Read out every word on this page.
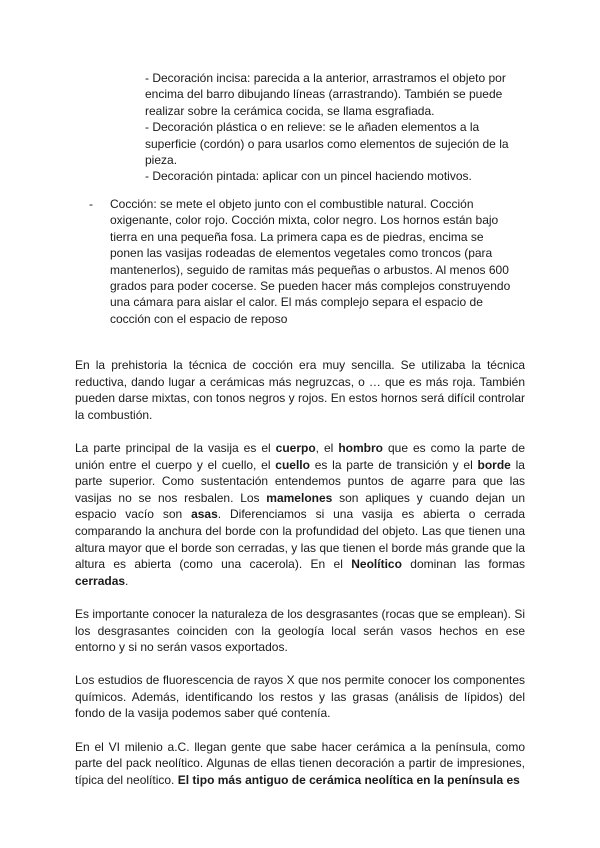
- Decoración incisa: parecida a la anterior, arrastramos el objeto por encima del barro dibujando líneas (arrastrando). También se puede realizar sobre la cerámica cocida, se llama esgrafiada.

- Decoración plástica o en relieve: se le añaden elementos a la superficie (cordón) o para usarlos como elementos de sujeción de la pieza.

- Decoración pintada: aplicar con un pincel haciendo motivos.

- Cocción: se mete el objeto junto con el combustible natural. Cocción oxigenante, color rojo. Cocción mixta, color negro. Los hornos están bajo tierra en una pequeña fosa. La primera capa es de piedras, encima se ponen las vasijas rodeadas de elementos vegetales como troncos (para mantenerlos), seguido de ramitas más pequeñas o arbustos. Al menos 600 grados para poder cocerse. Se pueden hacer más complejos construyendo una cámara para aislar el calor. El más complejo separa el espacio de cocción con el espacio de reposo

En la prehistoria la técnica de cocción era muy sencilla. Se utilizaba la técnica reductiva, dando lugar a cerámicas más negruzcas, o … que es más roja. También pueden darse mixtas, con tonos negros y rojos. En estos hornos será difícil controlar la combustión.

La parte principal de la vasija es el cuerpo, el hombro que es como la parte de unión entre el cuerpo y el cuello, el cuello es la parte de transición y el borde la parte superior. Como sustentación entendemos puntos de agarre para que las vasijas no se nos resbalen. Los mamelones son apliques y cuando dejan un espacio vacío son asas. Diferenciamos si una vasija es abierta o cerrada comparando la anchura del borde con la profundidad del objeto. Las que tienen una altura mayor que el borde son cerradas, y las que tienen el borde más grande que la altura es abierta (como una cacerola). En el Neolítico dominan las formas cerradas.

Es importante conocer la naturaleza de los desgrasantes (rocas que se emplean). Si los desgrasantes coinciden con la geología local serán vasos hechos en ese entorno y si no serán vasos exportados.

Los estudios de fluorescencia de rayos X que nos permite conocer los componentes químicos. Además, identificando los restos y las grasas (análisis de lípidos) del fondo de la vasija podemos saber qué contenía.

En el VI milenio a.C. llegan gente que sabe hacer cerámica a la península, como parte del pack neolítico. Algunas de ellas tienen decoración a partir de impresiones, típica del neolítico. El tipo más antiguo de cerámica neolítica en la península es
